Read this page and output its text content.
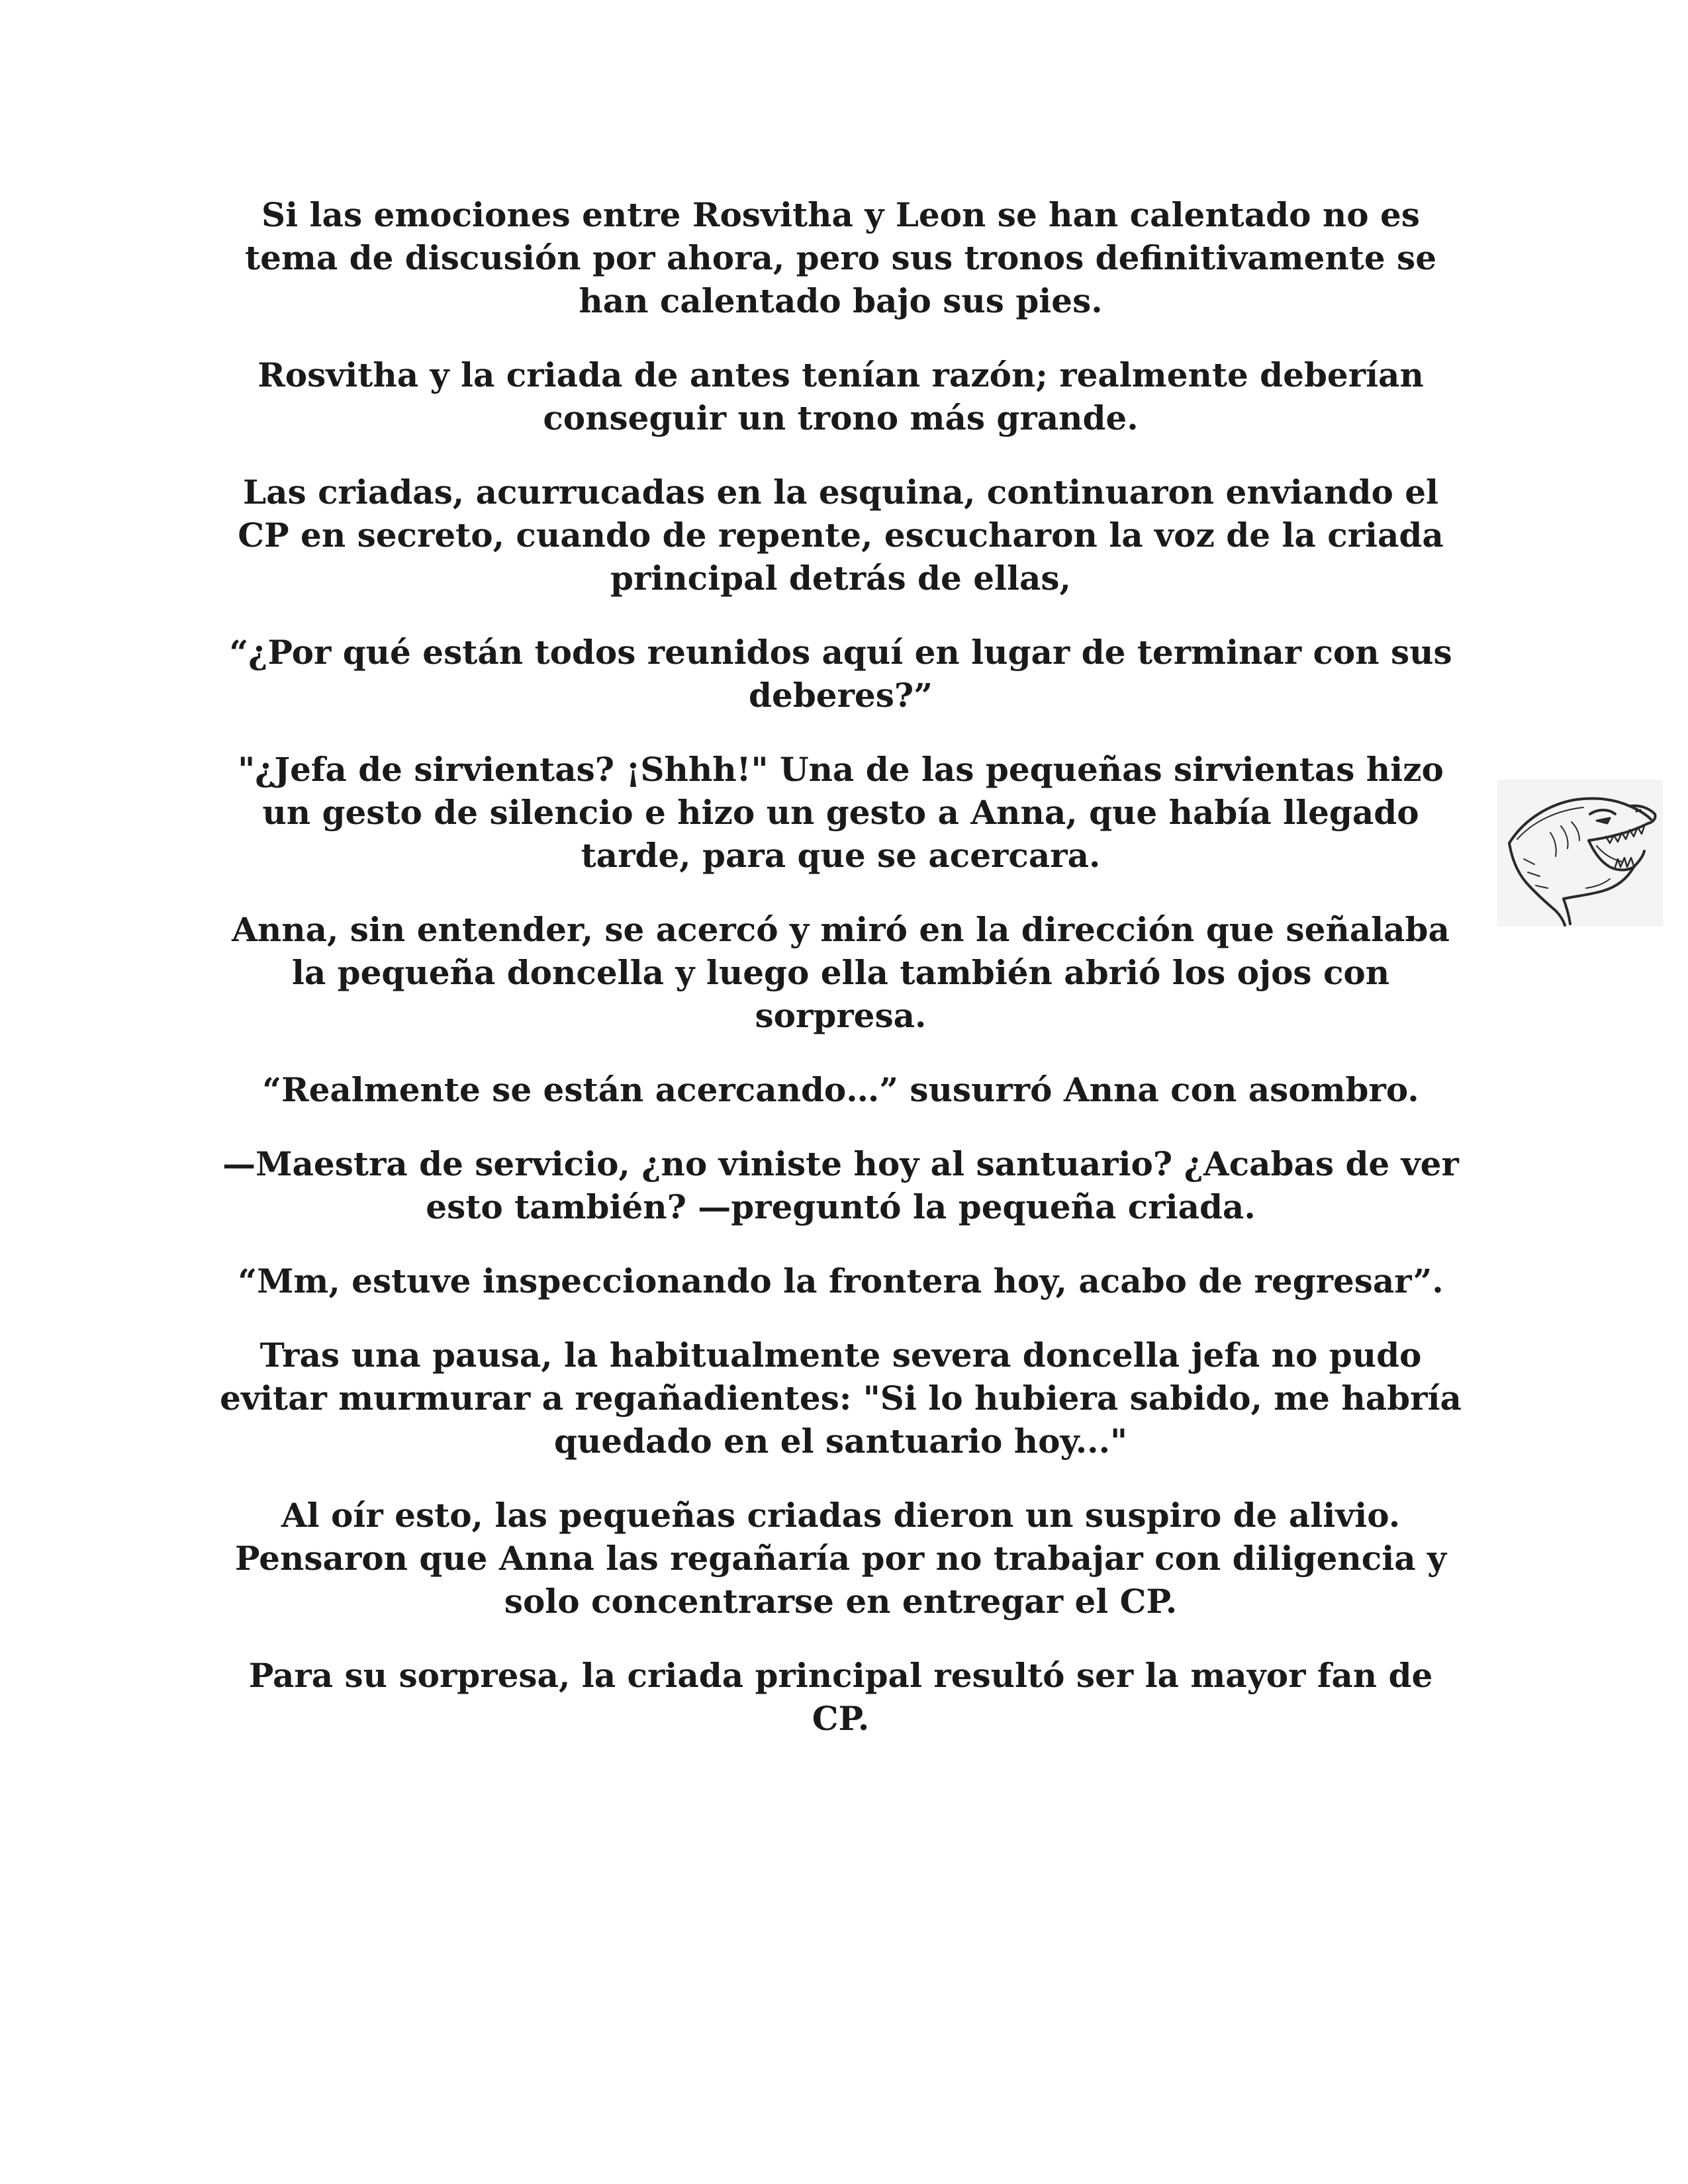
Si las emociones entre Rosvitha y Leon se han calentado no es tema de discusión por ahora, pero sus tronos definitivamente se han calentado bajo sus pies.

Rosvitha y la criada de antes tenían razón; realmente deberían conseguir un trono más grande.

Las criadas, acurrucadas en la esquina, continuaron enviando el CP en secreto, cuando de repente, escucharon la voz de la criada principal detrás de ellas,

“¿Por qué están todos reunidos aquí en lugar de terminar con sus deberes?”

"¿Jefa de sirvientas? ¡Shhh!" Una de las pequeñas sirvientas hizo un gesto de silencio e hizo un gesto a Anna, que había llegado tarde, para que se acercara.

Anna, sin entender, se acercó y miró en la dirección que señalaba la pequeña doncella y luego ella también abrió los ojos con sorpresa.

“Realmente se están acercando…” susurró Anna con asombro.

—Maestra de servicio, ¿no viniste hoy al santuario? ¿Acabas de ver esto también? —preguntó la pequeña criada.

“Mm, estuve inspeccionando la frontera hoy, acabo de regresar”.

Tras una pausa, la habitualmente severa doncella jefa no pudo evitar murmurar a regañadientes: "Si lo hubiera sabido, me habría quedado en el santuario hoy..."

Al oír esto, las pequeñas criadas dieron un suspiro de alivio. Pensaron que Anna las regañaría por no trabajar con diligencia y solo concentrarse en entregar el CP.

Para su sorpresa, la criada principal resultó ser la mayor fan de CP.
